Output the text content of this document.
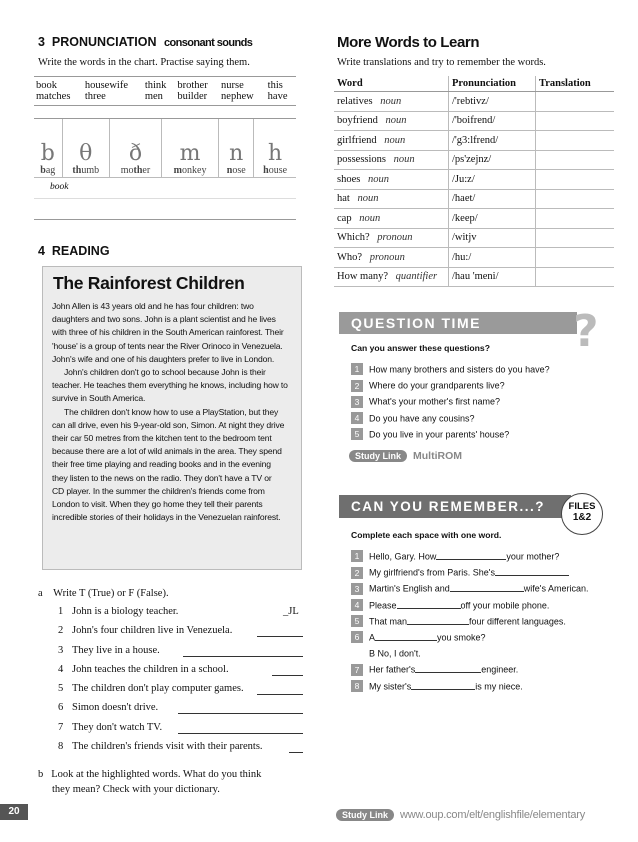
3 PRONUNCIATION consonant sounds
Write the words in the chart. Practise saying them.
book	housewife	think	brother	nurse	this
matches	three	men	builder	nephew	have
b
bag

θ
thumb

ð
mother

m
monkey

n
nose

h
house
book
4 READING
The Rainforest Children

John Allen is 43 years old and he has four children: two

daughters and two sons. John is a plant scientist and he lives

with three of his children in the South American rainforest. Their

'house' is a group of tents near the River Orinoco in Venezuela.

John's wife and one of his daughters prefer to live in London.

John's children don't go to school because John is their

teacher. He teaches them everything he knows, including how to

survive in South America.

The children don't know how to use a PlayStation, but they

can all drive, even his 9-year-old son, Simon. At night they drive

their car 50 metres from the kitchen tent to the bedroom tent

because there are a lot of wild animals in the area. They spend

their free time playing and reading books and in the evening

they listen to the news on the radio. They don't have a TV or

CD player. In the summer the children's friends come from

London to visit. When they go home they tell their parents

incredible stories of their holidays in the Venezuelan rainforest.

a Write T (True) or F (False).
1 John is a biology teacher.	_JL
2 John's four children live in Venezuela.
3 They live in a house.
4 John teaches the children in a school.
5 The children don't play computer games.
6 Simon doesn't drive.
7 They don't watch TV.
8 The children's friends visit with their parents.
b Look at the highlighted words. What do you think
they mean? Check with your dictionary.
More Words to Learn
Write translations and try to remember the words.
Word	Pronunciation	Translation
relatives noun	/'rebtivz/	
boyfriend noun	/'boifrend/	
girlfriend noun	/'g3:lfrend/	
possessions noun	/ps'zejnz/	
shoes noun	/Ju:z/	
hat noun	/haet/	
cap noun	/keep/	
Which? pronoun	/witjv	
Who? pronoun	/hu:/	
How many? quantifier	/hau 'meni/	
QUESTION TIME	?
Can you answer these questions?
1 How many brothers and sisters do you have?
2 Where do your grandparents live?
3 What's your mother's first name?
4 Do you have any cousins?
5 Do you live in your parents' house?
Study Link MultiROM
CAN YOU REMEMBER...?	FILES
1&2
Complete each space with one word.
1 Hello, Gary. How	your mother?
2 My girlfriend's from Paris. She's
3 Martin's English and	wife's American.
4 Please	off your mobile phone.
5 That man	four different languages.
6 A	you smoke?
B No, I don't.
7 Her father's	engineer.
8 My sister's	is my niece.
20	Study Link www.oup.com/elt/englishfile/elementary
